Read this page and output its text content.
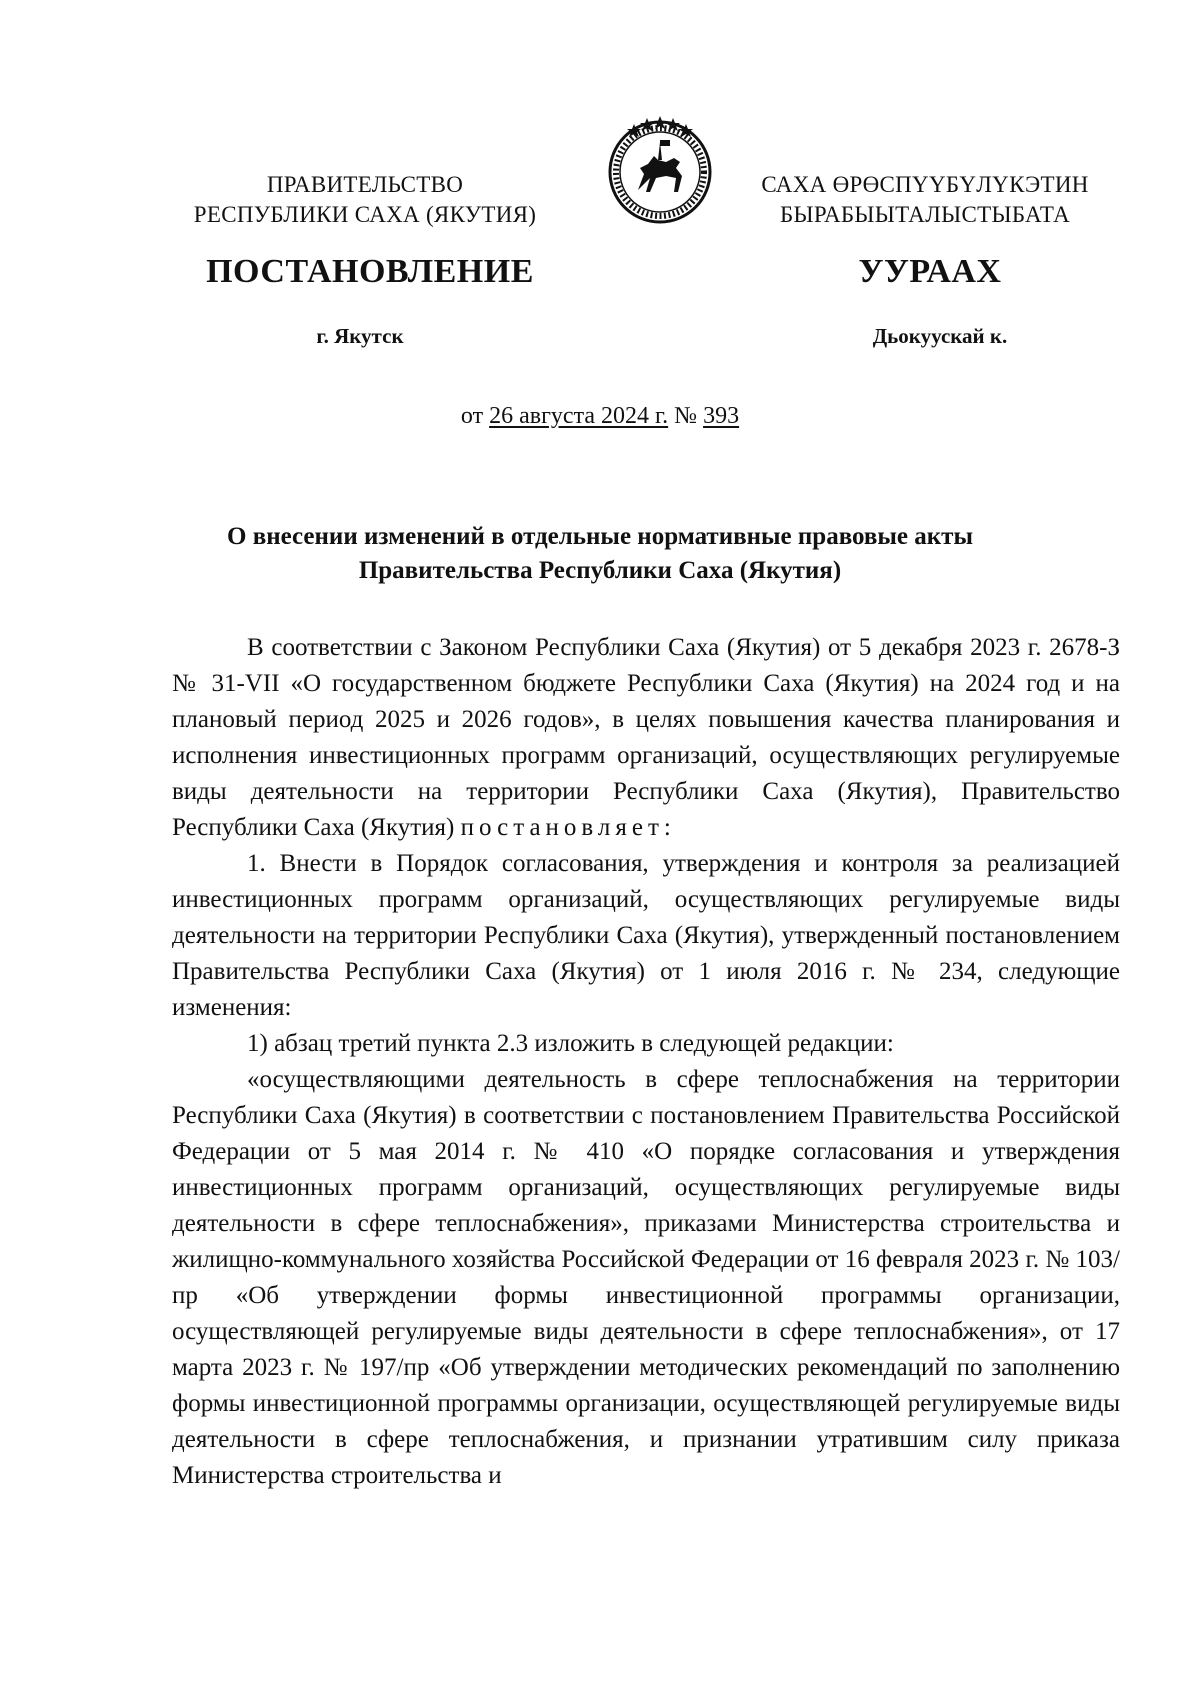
ПРАВИТЕЛЬСТВО
РЕСПУБЛИКИ САХА (ЯКУТИЯ)
САХА ӨРӨСПҮҮБҮЛҮКЭТИН
БЫРАБЫЫТАЛЫСТЫБАТА
ПОСТАНОВЛЕНИЕ	УУРААХ
г. Якутск	Дьокуускай к.
от 26 августа 2024 г. № 393
О внесении изменений в отдельные нормативные правовые акты
Правительства Республики Саха (Якутия)

В соответствии с Законом Республики Саха (Якутия) от 5 декабря 2023 г. 2678-З № 31-VII «О государственном бюджете Республики Саха (Якутия) на 2024 год и на плановый период 2025 и 2026 годов», в целях повышения качества планирования и исполнения инвестиционных программ организаций, осуществляющих регулируемые виды деятельности на территории Республики Саха (Якутия), Правительство Республики Саха (Якутия) постановляет:

1. Внести в Порядок согласования, утверждения и контроля за реализацией инвестиционных программ организаций, осуществляющих регулируемые виды деятельности на территории Республики Саха (Якутия), утвержденный постановлением Правительства Республики Саха (Якутия) от 1 июля 2016 г. № 234, следующие изменения:

1) абзац третий пункта 2.3 изложить в следующей редакции:

«осуществляющими деятельность в сфере теплоснабжения на территории Республики Саха (Якутия) в соответствии с постановлением Правительства Российской Федерации от 5 мая 2014 г. № 410 «О порядке согласования и утверждения инвестиционных программ организаций, осуществляющих регулируемые виды деятельности в сфере теплоснабжения», приказами Министерства строительства и жилищно-коммунального хозяйства Российской Федерации от 16 февраля 2023 г. № 103/пр «Об утверждении формы инвестиционной программы организации, осуществляющей регулируемые виды деятельности в сфере теплоснабжения», от 17 марта 2023 г. № 197/пр «Об утверждении методических рекомендаций по заполнению формы инвестиционной программы организации, осуществляющей регулируемые виды деятельности в сфере теплоснабжения, и признании утратившим силу приказа Министерства строительства и
